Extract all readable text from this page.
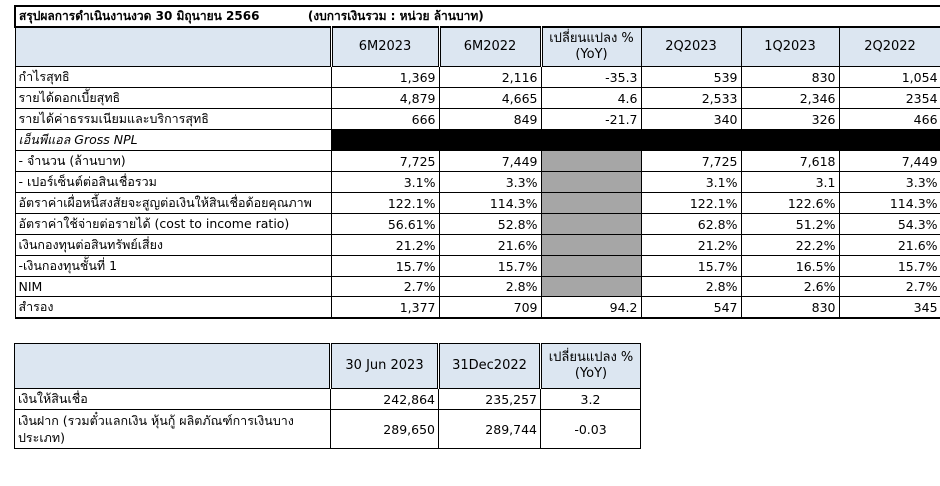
สรุปผลการดำเนินงานงวด 30 มิถุนายน 2566 (งบการเงินรวม : หน่วย ล้านบาท)						
	6M2023	6M2022	เปลี่ยนแปลง % (YoY)	2Q2023	1Q2023	2Q2022
กำไรสุทธิ	1,369	2,116	-35.3	539	830	1,054
รายได้ดอกเบี้ยสุทธิ	4,879	4,665	4.6	2,533	2,346	2354
รายได้ค่าธรรมเนียมและบริการสุทธิ	666	849	-21.7	340	326	466
เอ็นพีแอล Gross NPL						
- จำนวน (ล้านบาท)	7,725	7,449		7,725	7,618	7,449
- เปอร์เซ็นต์ต่อสินเชื่อรวม	3.1%	3.3%		3.1%	3.1	3.3%
อัตราค่าเผื่อหนี้สงสัยจะสูญต่อเงินให้สินเชื่อด้อยคุณภาพ	122.1%	114.3%		122.1%	122.6%	114.3%
อัตราค่าใช้จ่ายต่อรายได้ (cost to income ratio)	56.61%	52.8%		62.8%	51.2%	54.3%
เงินกองทุนต่อสินทรัพย์เสี่ยง	21.2%	21.6%		21.2%	22.2%	21.6%
-เงินกองทุนชั้นที่ 1	15.7%	15.7%		15.7%	16.5%	15.7%
NIM	2.7%	2.8%		2.8%	2.6%	2.7%
สำรอง	1,377	709	94.2	547	830	345
	30 Jun 2023	31Dec2022	เปลี่ยนแปลง %(YoY)
เงินให้สินเชื่อ	242,864	235,257	3.2
เงินฝาก (รวมตั๋วแลกเงิน หุ้นกู้ ผลิตภัณฑ์การเงินบางประเภท)	289,650	289,744	-0.03
